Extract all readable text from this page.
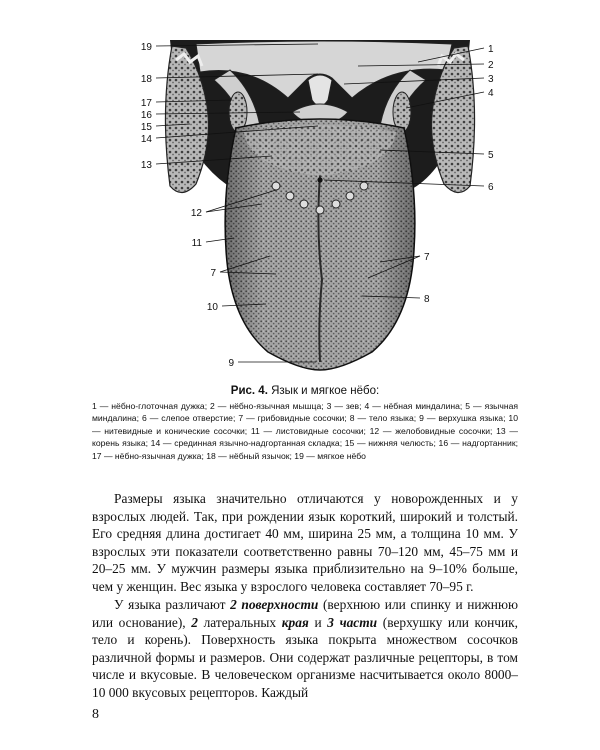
19
18
17
16
15
14
13
12
11
7
10
9
1
2
3
4
5
6
7
8
Рис. 4. Язык и мягкое нёбо:
1 — нёбно-глоточная дужка; 2 — нёбно-язычная мышца; 3 — зев; 4 — нёбная миндалина; 5 — язычная миндалина; 6 — слепое отверстие; 7 — грибовидные сосочки; 8 — тело языка; 9 — верхушка языка; 10 — нитевидные и конические сосочки; 11 — листовидные сосочки; 12 — желобовидные сосочки; 13 — корень языка; 14 — срединная язычно-надгортанная складка; 15 — нижняя челюсть; 16 — надгортанник; 17 — нёбно-язычная дужка; 18 — нёбный язычок; 19 — мягкое нёбо

Размеры языка значительно отличаются у новорожденных и у взрослых людей. Так, при рождении язык короткий, широкий и толстый. Его средняя длина достигает 40 мм, ширина 25 мм, а толщина 10 мм. У взрослых эти показатели соответственно равны 70–120 мм, 45–75 мм и 20–25 мм. У мужчин размеры языка приблизительно на 9–10% больше, чем у женщин. Вес языка у взрослого человека составляет 70–95 г.

У языка различают 2 поверхности (верхнюю или спинку и нижнюю или основание), 2 латеральных края и 3 части (верхушку или кончик, тело и корень). Поверхность языка покрыта множеством сосочков различной формы и размеров. Они содержат различные рецепторы, в том числе и вкусовые. В человеческом организме насчитывается около 8000–10 000 вкусовых рецепторов. Каждый

8
